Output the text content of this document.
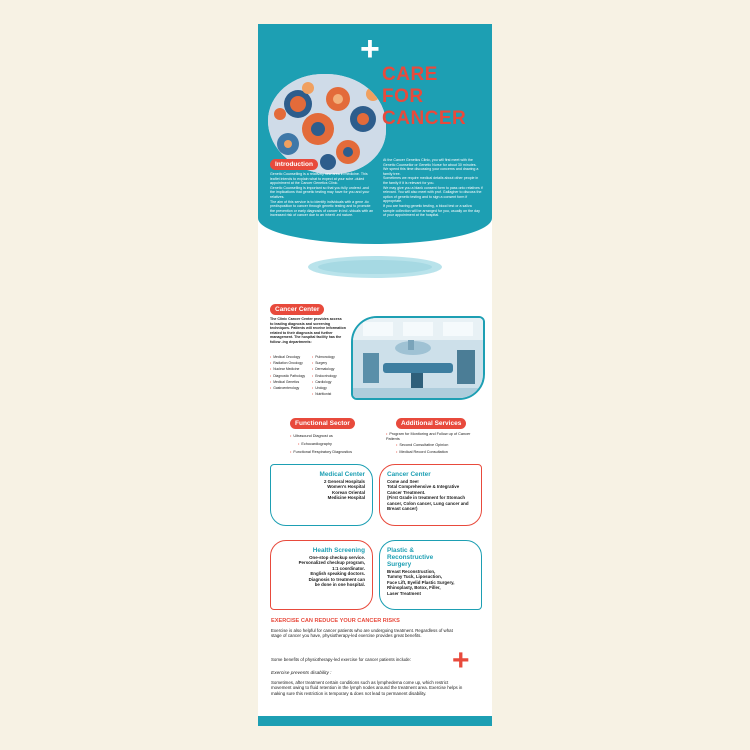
+
CARE
FOR
CANCER
Introduction
Genetic Counselling is a relatively new area in medicine. This leaflet intends to explain what to expect at your sche -duled appointment at the Cancer Genetics Clinic.
Genetic Counselling is important so that you fully underst -and the implications that genetic testing may have for you and your relatives.
The aim of this service is to identify individuals with a gene -tic predisposition to cancer through genetic testing and to promote the prevention or early diagnosis of cancer in ind -viduals with an increased risk of cancer due to an inherit -ed nature.
At the Cancer Genetics Clinic, you will first meet with the Genetic Counsellor or Genetic Nurse for about 30 minutes.
We spend this time discussing your concerns and drawing a family tree.
Sometimes we require medical details about other people in the family if it is relevant for you.
We may give you a blank consent form to pass onto relatives if relevant. You will also meet with prof. Gallagher to discuss the option of genetic testing and to sign a consent form if appropriate.
If you are having genetic testing, a blood test or a saliva sample collection will be arranged for you, usually on the day of your appointment at the hospital.
Cancer Center
The Clinic Cancer Center provides access to leading diagnosis and screening techniques. Patients will receive information related to their diagnosis and further management. The hospital facility has the follow -ing departments:
• Medical Oncology
• Radiation Oncology
• Nuclear Medicine
• Diagnostic Pathology
• Medical Genetics
• Gastroenterology
• Pulmonology
• Surgery
• Dermatology
• Endocrinology
• Cardiology
• Urology
• Nutritionist
Functional Sector	Additional Services
• Ultrasound Diagnost us
• Echocardiography
• Functional Respiratory Diagnostics
• Program for Monitoring and Follow up of Cancer Patients
• Second Consultative Opinion
• Medical Record Consultation
Medical Center
2 General Hospitals
Women's Hospital
Korean Oriental
Medicine Hospital
Cancer Center
Come and See!
Total Comprehensive & Integrative Cancer Treatment.
(First Grade in treatment for Stomach cancer, Colon cancer, Lung cancer and Breast cancer)
Health Screening
One-stop checkup service.
Personalized checkup program,
1:1 coordinator.
English speaking doctors.
Diagnosis to treatment can
be done in one hospital.
Plastic & Reconstructive Surgery
Breast Reconstruction,
Tummy Tuck, Liposuction,
Face Lift, Eyelid Plastic Surgery,
Rhinoplasty, Botox, Filler,
Laser Treatment
EXERCISE CAN REDUCE YOUR CANCER RISKS
Exercise is also helpful for cancer patients who are undergoing treatment. Regardless of what stage of cancer you have, physiotherapy-led exercise provides great benefits.
Some benefits of physiotherapy-led exercise for cancer patients include:
Exercise prevents disability :
Sometimes, after treatment certain conditions such as lymphedema come up, which restrict movement owing to fluid retention in the lymph nodes around the treatment area. Exercise helps in making sure this restriction is temporary & does not lead to permanent disability.
+
